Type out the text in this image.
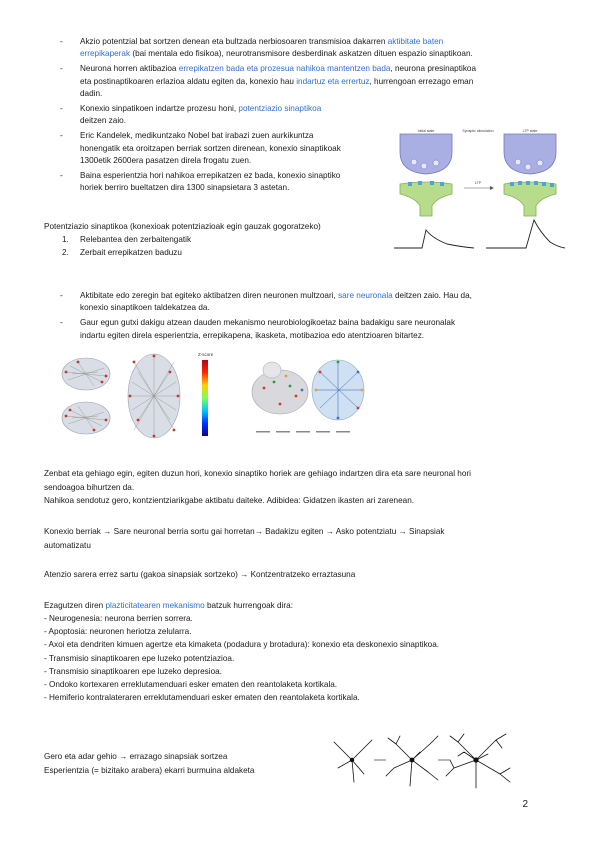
-	Akzio potentzial bat sortzen denean eta bultzada nerbiosoaren transmisioa dakarren aktibitate baten
errepikaperak (bai mentala edo fisikoa), neurotransmisore desberdinak askatzen dituen espazio sinaptikoan.
-	Neurona horren aktibazioa errepikatzen bada eta prozesua nahikoa mantentzen bada, neurona presinaptikoa
eta postinaptikoaren erlazioa aldatu egiten da, konexio hau indartuz eta errertuz, hurrengoan errezago eman
dadin.
-	Konexio sinpatikoen indartze prozesu honi, potentziazio sinaptikoa
deitzen zaio.
-	Eric Kandelek, medikuntzako Nobel bat irabazi zuen aurkikuntza
honengatik eta oroitzapen berriak sortzen direnean, konexio sinaptikoak
1300etik 2600era pasatzen direla frogatu zuen.
-	Baina esperientzia hori nahikoa errepikatzen ez bada, konexio sinaptiko
horiek berriro bueltatzen dira 1300 sinapsietara 3 astetan.
Initial state	Synaptic stimulation	LTP state
LTP
Potentziazio sinaptikoa (konexioak potentziazioak egin gauzak gogoratzeko)
1. Relebantea den zerbaitengatik
2. Zerbait errepikatzen baduzu
-	Aktibitate edo zeregin bat egiteko aktibatzen diren neuronen multzoari, sare neuronala deitzen zaio. Hau da,
konexio sinaptikoen taldekatzea da.
-	Gaur egun gutxi dakigu atzean dauden mekanismo neurobiologikoetaz baina badakigu sare neuronalak
indartu egiten direla esperientzia, errepikapena, ikasketa, motibazioa edo atentzioaren bitartez.
Z-score
Zenbat eta gehiago egin, egiten duzun hori, konexio sinaptiko horiek are gehiago indartzen dira eta sare neuronal hori
sendoagoa bihurtzen da.
Nahikoa sendotuz gero, kontzientziarikgabe aktibatu daiteke. Adibidea: Gidatzen ikasten ari zarenean.
Konexio berriak → Sare neuronal berria sortu gai horretan→ Badakizu egiten → Asko potentziatu → Sinapsiak
automatizatu
Atenzio sarera errez sartu (gakoa sinapsiak sortzeko) → Kontzentratzeko erraztasuna
Ezagutzen diren plazticitatearen mekanismo batzuk hurrengoak dira:
- Neurogenesia: neurona berrien sorrera.
- Apoptosia: neuronen heriotza zelularra.
- Axoi eta dendriten kimuen agertze eta kimaketa (podadura y brotadura): konexio eta deskonexio sinaptikoa.
- Transmisio sinaptikoaren epe luzeko potentziazioa.
- Transmisio sinaptikoaren epe luzeko depresioa.
- Ondoko kortexaren erreklutamenduari esker ematen den reantolaketa kortikala.
- Hemiferio kontralateraren erreklutamenduari esker ematen den reantolaketa kortikala.
Gero eta adar gehio → errazago sinapsiak sortzea
Esperientzia (= bizitako arabera) ekarri burmuina aldaketa
2
